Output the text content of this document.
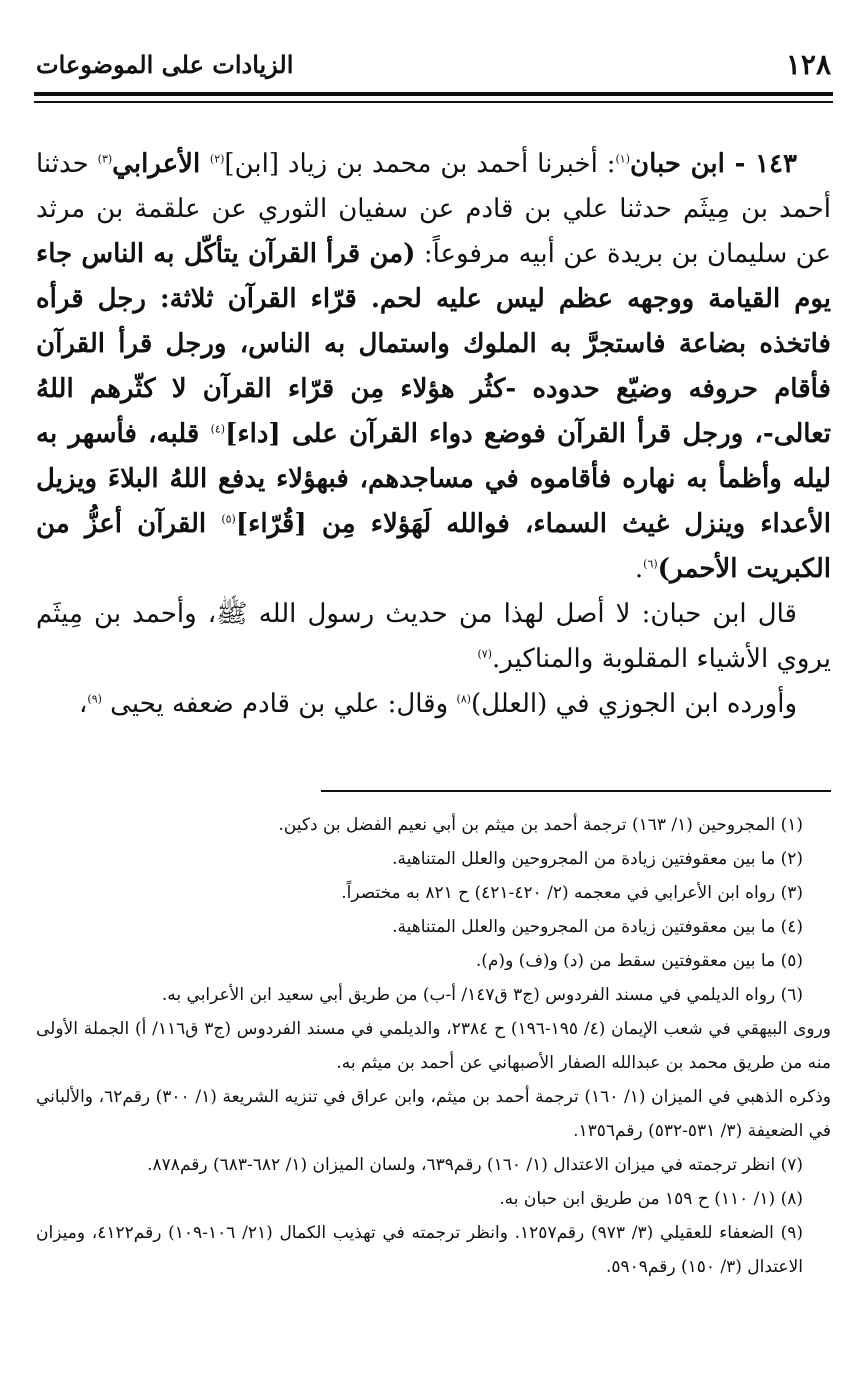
١٢٨
الزيادات على الموضوعات

١٤٣ - ابن حبان$^{(١)}$: أخبرنا أحمد بن محمد بن زياد [ابن]$^{(٢)}$ الأعرابي$^{(٣)}$ حدثنا أحمد بن مِيثَم حدثنا علي بن قادم عن سفيان الثوري عن علقمة بن مرثد عن سليمان بن بريدة عن أبيه مرفوعاً: (من قرأ القرآن يتأكّل به الناس جاء يوم القيامة ووجهه عظم ليس عليه لحم. قرّاء القرآن ثلاثة: رجل قرأه فاتخذه بضاعة فاستجرَّ به الملوك واستمال به الناس، ورجل قرأ القرآن فأقام حروفه وضيّع حدوده -كثُر هؤلاء مِن قرّاء القرآن لا كثّرهم اللهُ تعالى-، ورجل قرأ القرآن فوضع دواء القرآن على [داء]$^{(٤)}$ قلبه، فأسهر به ليله وأظمأ به نهاره فأقاموه في مساجدهم، فبهؤلاء يدفع اللهُ البلاءَ ويزيل الأعداء وينزل غيث السماء، فوالله لَهَؤلاء مِن [قُرّاء]$^{(٥)}$ القرآن أعزُّ من الكبريت الأحمر)$^{(٦)}$.

قال ابن حبان: لا أصل لهذا من حديث رسول الله ﷺ، وأحمد بن مِيثَم يروي الأشياء المقلوبة والمناكير.$^{(٧)}$

وأورده ابن الجوزي في (العلل)$^{(٨)}$ وقال: علي بن قادم ضعفه يحيى $^{(٩)}$،

(١) المجروحين (١/ ١٦٣) ترجمة أحمد بن ميثم بن أبي نعيم الفضل بن دكين.

(٢) ما بين معقوفتين زيادة من المجروحين والعلل المتناهية.

(٣) رواه ابن الأعرابي في معجمه (٢/ ٤٢٠-٤٢١) ح ٨٢١ به مختصراً.

(٤) ما بين معقوفتين زيادة من المجروحين والعلل المتناهية.

(٥) ما بين معقوفتين سقط من (د) و(ف) و(م).

(٦) رواه الديلمي في مسند الفردوس (ج٣ ق١٤٧/ أ-ب) من طريق أبي سعيد ابن الأعرابي به.

وروى البيهقي في شعب الإيمان (٤/ ١٩٥-١٩٦) ح ٢٣٨٤، والديلمي في مسند الفردوس (ج٣ ق١١٦/ أ) الجملة الأولى منه من طريق محمد بن عبدالله الصفار الأصبهاني عن أحمد بن ميثم به.

وذكره الذهبي في الميزان (١/ ١٦٠) ترجمة أحمد بن ميثم، وابن عراق في تنزيه الشريعة (١/ ٣٠٠) رقم٦٢، والألباني في الضعيفة (٣/ ٥٣١-٥٣٢) رقم١٣٥٦.

(٧) انظر ترجمته في ميزان الاعتدال (١/ ١٦٠) رقم٦٣٩، ولسان الميزان (١/ ٦٨٢-٦٨٣) رقم٨٧٨.

(٨) (١/ ١١٠) ح ١٥٩ من طريق ابن حبان به.

(٩) الضعفاء للعقيلي (٣/ ٩٧٣) رقم١٢٥٧. وانظر ترجمته في تهذيب الكمال (٢١/ ١٠٦-١٠٩) رقم٤١٢٢، وميزان الاعتدال (٣/ ١٥٠) رقم٥٩٠٩.
